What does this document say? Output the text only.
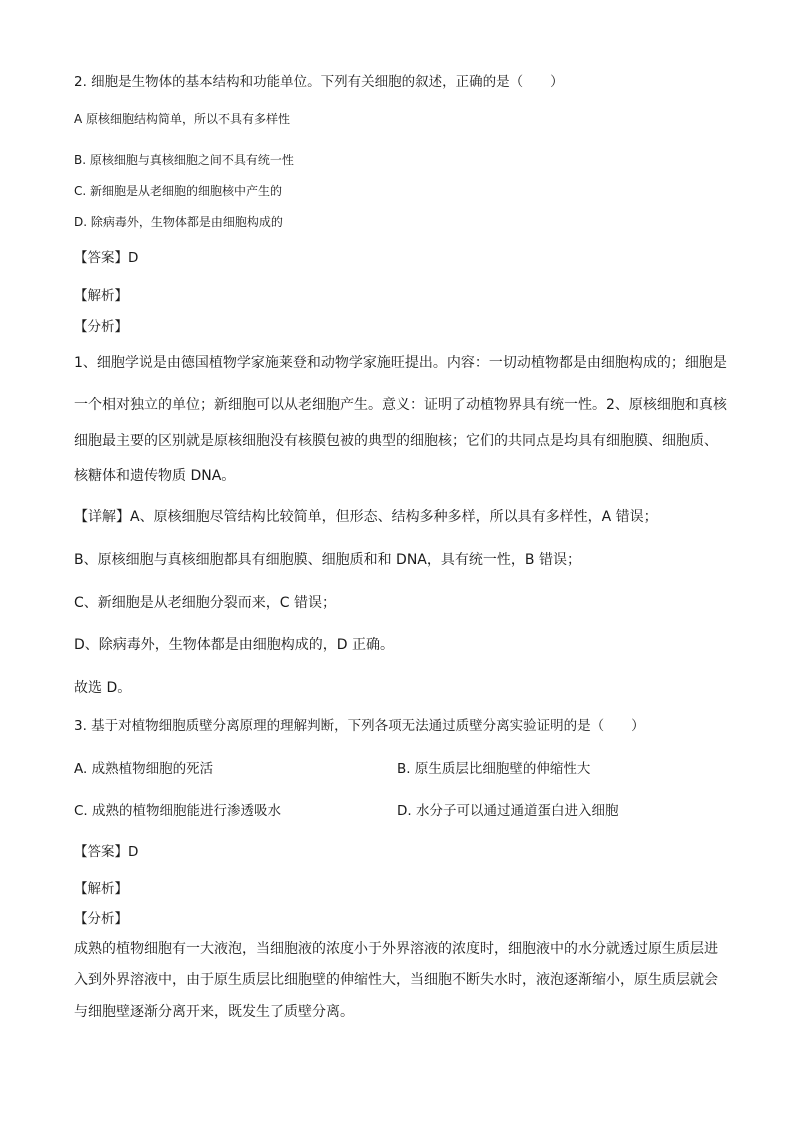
2. 细胞是生物体的基本结构和功能单位。下列有关细胞的叙述，正确的是（　　）
A 原核细胞结构简单，所以不具有多样性
B. 原核细胞与真核细胞之间不具有统一性
C. 新细胞是从老细胞的细胞核中产生的
D. 除病毒外，生物体都是由细胞构成的
【答案】D
【解析】
【分析】
1、细胞学说是由德国植物学家施莱登和动物学家施旺提出。内容：一切动植物都是由细胞构成的；细胞是
一个相对独立的单位；新细胞可以从老细胞产生。意义：证明了动植物界具有统一性。2、原核细胞和真核
细胞最主要的区别就是原核细胞没有核膜包被的典型的细胞核；它们的共同点是均具有细胞膜、细胞质、
核糖体和遗传物质 DNA。
【详解】A、原核细胞尽管结构比较简单，但形态、结构多种多样，所以具有多样性，A 错误；
B、原核细胞与真核细胞都具有细胞膜、细胞质和和 DNA，具有统一性，B 错误；
C、新细胞是从老细胞分裂而来，C 错误；
D、除病毒外，生物体都是由细胞构成的，D 正确。
故选 D。
3. 基于对植物细胞质壁分离原理的理解判断，下列各项无法通过质壁分离实验证明的是（　　）
A. 成熟植物细胞的死活	B. 原生质层比细胞壁的伸缩性大
C. 成熟的植物细胞能进行渗透吸水	D. 水分子可以通过通道蛋白进入细胞
【答案】D
【解析】
【分析】
成熟的植物细胞有一大液泡，当细胞液的浓度小于外界溶液的浓度时，细胞液中的水分就透过原生质层进
入到外界溶液中，由于原生质层比细胞壁的伸缩性大，当细胞不断失水时，液泡逐渐缩小，原生质层就会
与细胞壁逐渐分离开来，既发生了质壁分离。
